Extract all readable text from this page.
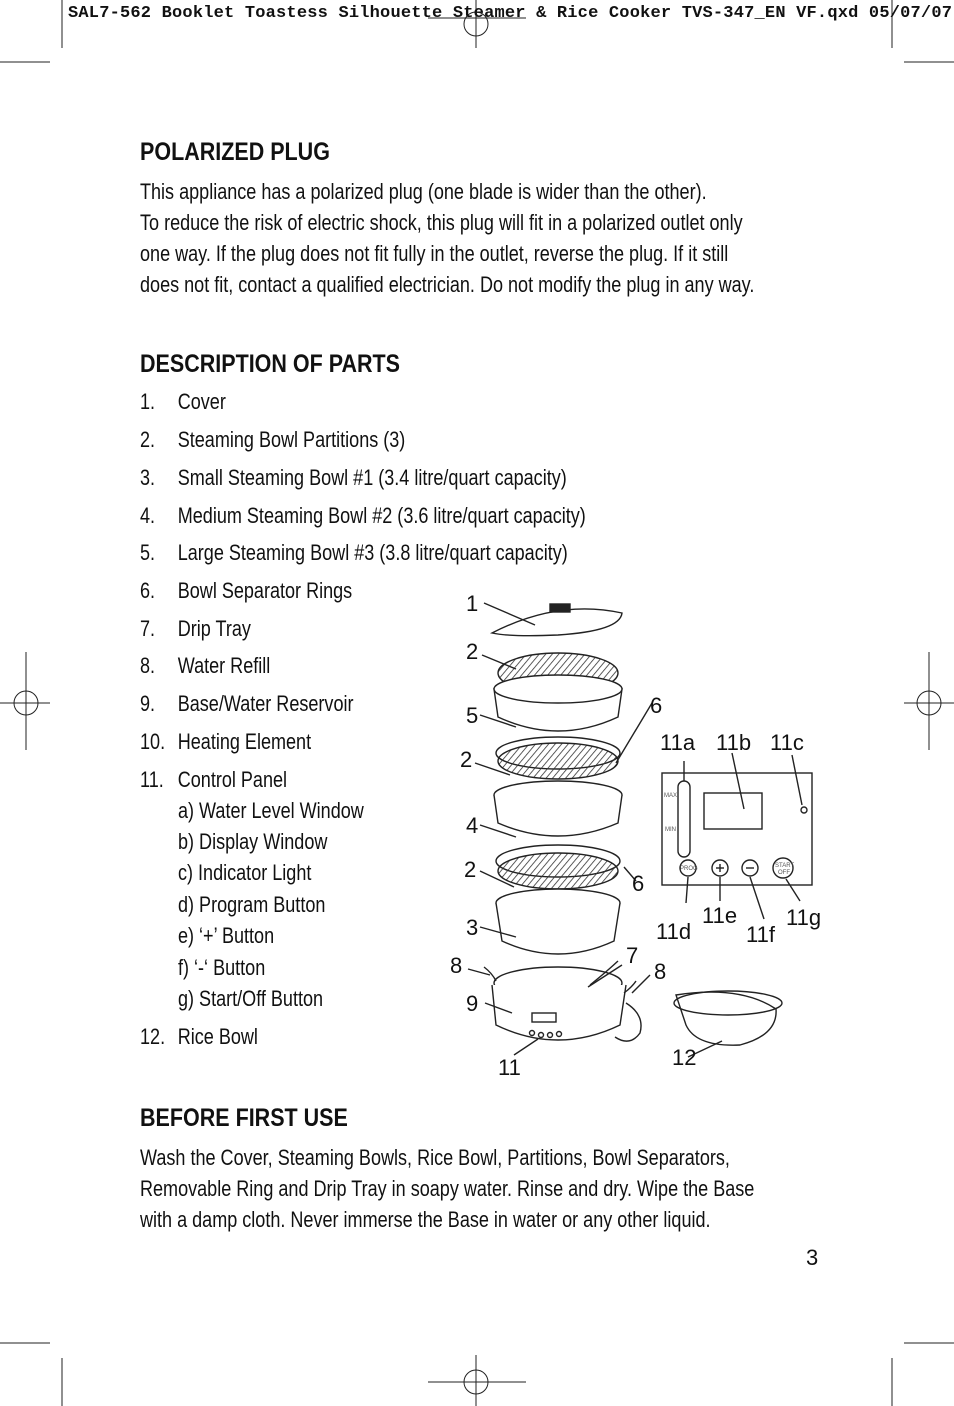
SAL7-562 Booklet Toastess Silhouette Steamer & Rice Cooker TVS-347_EN VF.qxd 05/07/07
POLARIZED PLUG
This appliance has a polarized plug (one blade is wider than the other).
To reduce the risk of electric shock, this plug will fit in a polarized outlet only
one way. If the plug does not fit fully in the outlet, reverse the plug. If it still
does not fit, contact a qualified electrician. Do not modify the plug in any way.
DESCRIPTION OF PARTS
1. Cover
2. Steaming Bowl Partitions (3)
3. Small Steaming Bowl #1 (3.4 litre/quart capacity)
4. Medium Steaming Bowl #2 (3.6 litre/quart capacity)
5. Large Steaming Bowl #3 (3.8 litre/quart capacity)
6. Bowl Separator Rings
7. Drip Tray
8. Water Refill
9. Base/Water Reservoir
10. Heating Element
11. Control Panel
a) Water Level Window
b) Display Window
c) Indicator Light
d) Program Button
e) ‘+’ Button
f) ‘-‘ Button
g) Start/Off Button
12. Rice Bowl
1
2
5
2
4
2
3
8
9
11
7
8
6
6
12
11a 11b 11c
11d
11e
11f
11g
MAX
MIN
PROG	START
OFF
BEFORE FIRST USE
Wash the Cover, Steaming Bowls, Rice Bowl, Partitions, Bowl Separators,
Removable Ring and Drip Tray in soapy water. Rinse and dry. Wipe the Base
with a damp cloth. Never immerse the Base in water or any other liquid.
3
